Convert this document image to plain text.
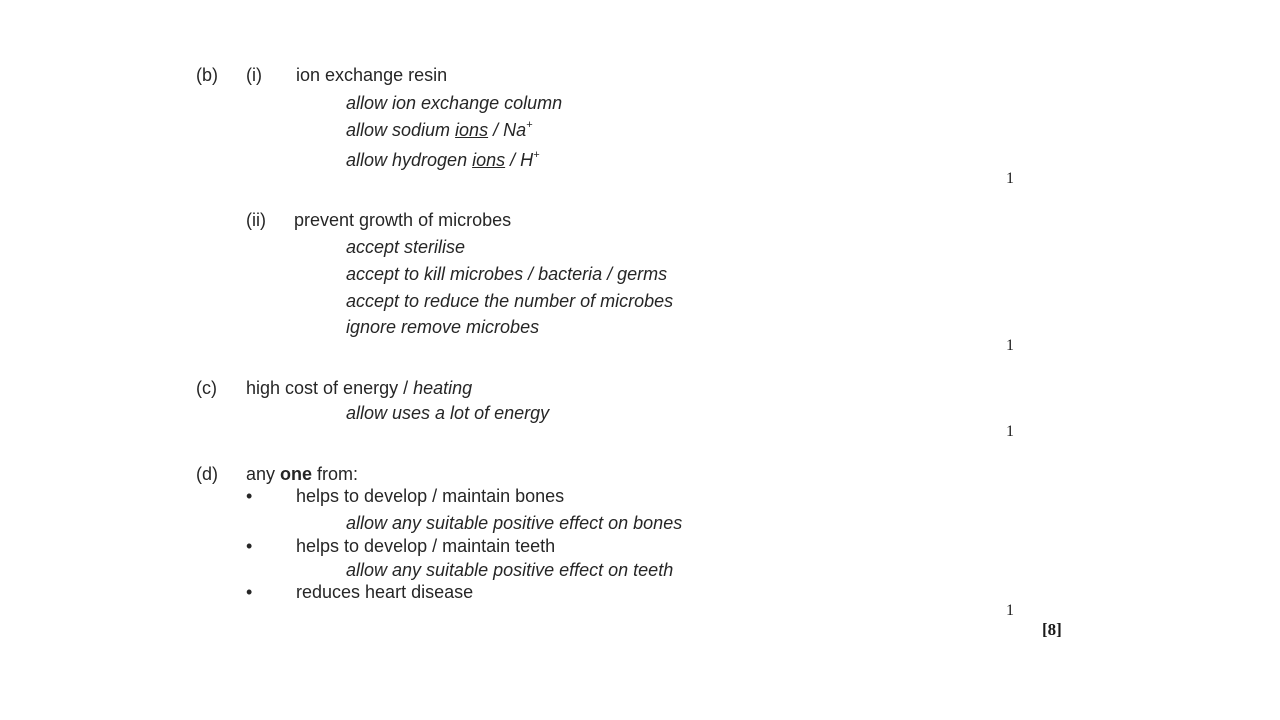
(b) (i) ion exchange resin
allow ion exchange column
allow sodium ions / Na+
allow hydrogen ions / H+
1
(ii) prevent growth of microbes
accept sterilise
accept to kill microbes / bacteria / germs
accept to reduce the number of microbes
ignore remove microbes
1
(c) high cost of energy / heating
allow uses a lot of energy
1
(d) any one from:
• helps to develop / maintain bones
allow any suitable positive effect on bones
• helps to develop / maintain teeth
allow any suitable positive effect on teeth
• reduces heart disease
1
[8]
